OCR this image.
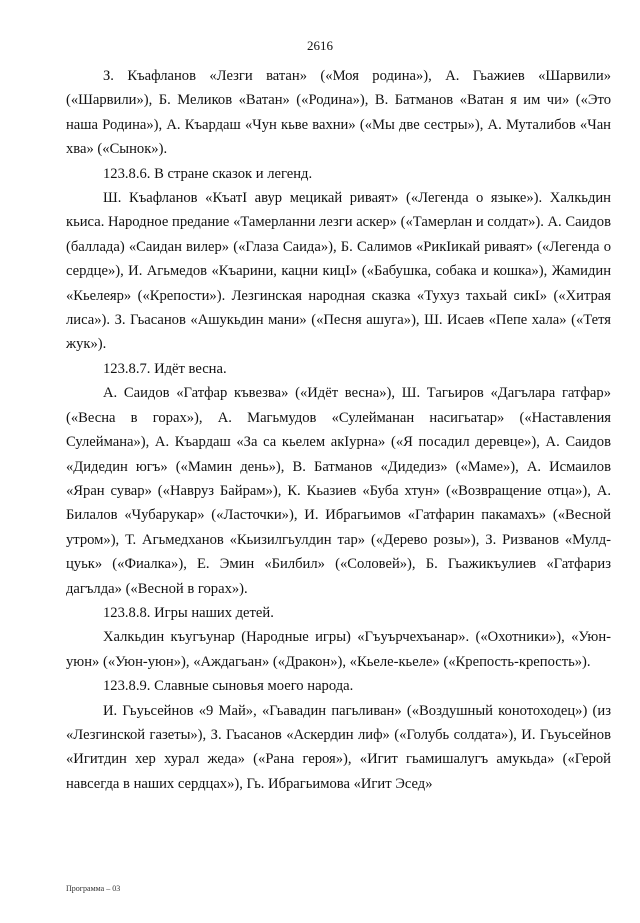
2616

З. Къафланов «Лезги ватан» («Моя родина»), А. Гьажиев «Шарвили» («Шарвили»), Б. Меликов «Ватан» («Родина»), В. Батманов «Ватан я им чи» («Это наша Родина»), А. Къардаш «Чун кьве вахни» («Мы две сестры»), А. Муталибов «Чан хва» («Сынок»).

123.8.6. В стране сказок и легенд.

Ш. Къафланов «КъатI авур мецикай риваят» («Легенда о языке»). Халкьдин кьиса. Народное предание «Тамерланни лезги аскер» («Тамерлан и солдат»). А. Саидов (баллада) «Саидан вилер» («Глаза Саида»), Б. Салимов «РикIикай риваят» («Легенда о сердце»), И. Агьмедов «Къарини, кацни кицI» («Бабушка, собака и кошка»), Жамидин «Кьелеяр» («Крепости»). Лезгинская народная сказка «Тухуз тахьай сикI» («Хитрая лиса»). З. Гьасанов «Ашукьдин мани» («Песня ашуга»), Ш. Исаев «Пепе хала» («Тетя жук»).

123.8.7. Идёт весна.

А. Саидов «Гатфар къвезва» («Идёт весна»), Ш. Тагьиров «Дагълара гатфар» («Весна в горах»), А. Магьмудов «Сулейманан насигьатар» («Наставления Сулеймана»), А. Къардаш «За са кьелем акIурна» («Я посадил деревце»), А. Саидов «Дидедин югъ» («Мамин день»), В. Батманов «Дидедиз» («Маме»), А. Исмаилов «Яран сувар» («Навруз Байрам»), К. Кьазиев «Буба хтун» («Возвращение отца»), А. Билалов «Чубарукар» («Ласточки»), И. Ибрагьимов «Гатфарин пакамахъ» («Весной утром»), Т. Агьмедханов «Кьизилгьулдин тар» («Дерево розы»), З. Ризванов «Мулд-цуьк» («Фиалка»), Е. Эмин «Билбил» («Соловей»), Б. Гьажикъулиев «Гатфариз дагълда» («Весной в горах»).

123.8.8. Игры наших детей.

Халкьдин къугъунар (Народные игры) «Гъуърчехъанар». («Охотники»), «Уюн-уюн» («Уюн-уюн»), «Аждагьан» («Дракон»), «Кьеле-кьеле» («Крепость-крепость»).

123.8.9. Славные сыновья моего народа.

И. Гьуьсейнов «9 Май», «Гьавадин пагьливан» («Воздушный конотоходец») (из «Лезгинской газеты»), З. Гьасанов «Аскердин лиф» («Голубь солдата»), И. Гьуьсейнов «Игитдин хер хурал жеда» («Рана героя»), «Игит гьамишалугъ амукьда» («Герой навсегда в наших сердцах»), Гь. Ибрагьимова «Игит Эсед»

Программа – 03
